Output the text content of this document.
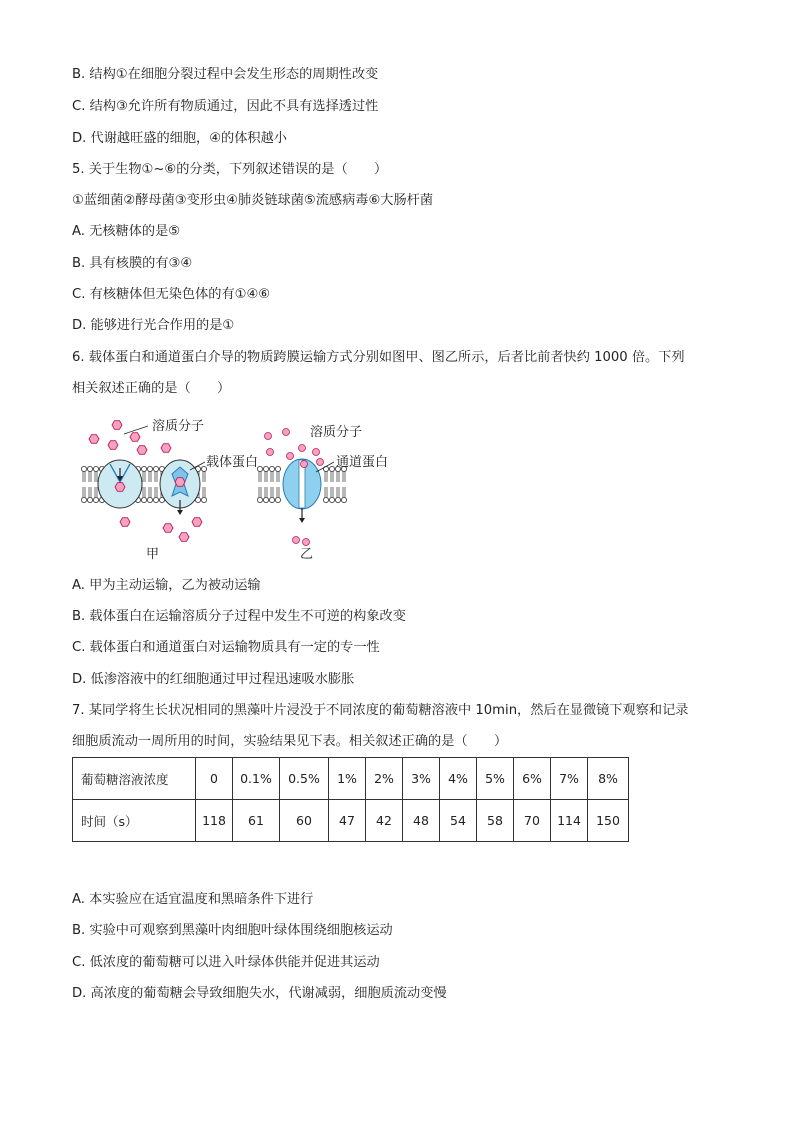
B. 结构①在细胞分裂过程中会发生形态的周期性改变
C. 结构③允许所有物质通过，因此不具有选择透过性
D. 代谢越旺盛的细胞，④的体积越小
5. 关于生物①~⑥的分类，下列叙述错误的是（　　）
①蓝细菌②酵母菌③变形虫④肺炎链球菌⑤流感病毒⑥大肠杆菌
A. 无核糖体的是⑤
B. 具有核膜的有③④
C. 有核糖体但无染色体的有①④⑥
D. 能够进行光合作用的是①
6. 载体蛋白和通道蛋白介导的物质跨膜运输方式分别如图甲、图乙所示，后者比前者快约 1000 倍。下列
相关叙述正确的是（　　）
溶质分子
载体蛋白
溶质分子
通道蛋白
甲	乙
A. 甲为主动运输，乙为被动运输
B. 载体蛋白在运输溶质分子过程中发生不可逆的构象改变
C. 载体蛋白和通道蛋白对运输物质具有一定的专一性
D. 低渗溶液中的红细胞通过甲过程迅速吸水膨胀
7. 某同学将生长状况相同的黑藻叶片浸没于不同浓度的葡萄糖溶液中 10min，然后在显微镜下观察和记录
细胞质流动一周所用的时间，实验结果见下表。相关叙述正确的是（　　）
葡萄糖溶液浓度	0	0.1%	0.5%	1%	2%	3%	4%	5%	6%	7%	8%
时间（s）	118	61	60	47	42	48	54	58	70	114	150
A. 本实验应在适宜温度和黑暗条件下进行
B. 实验中可观察到黑藻叶肉细胞叶绿体围绕细胞核运动
C. 低浓度的葡萄糖可以进入叶绿体供能并促进其运动
D. 高浓度的葡萄糖会导致细胞失水，代谢减弱，细胞质流动变慢
